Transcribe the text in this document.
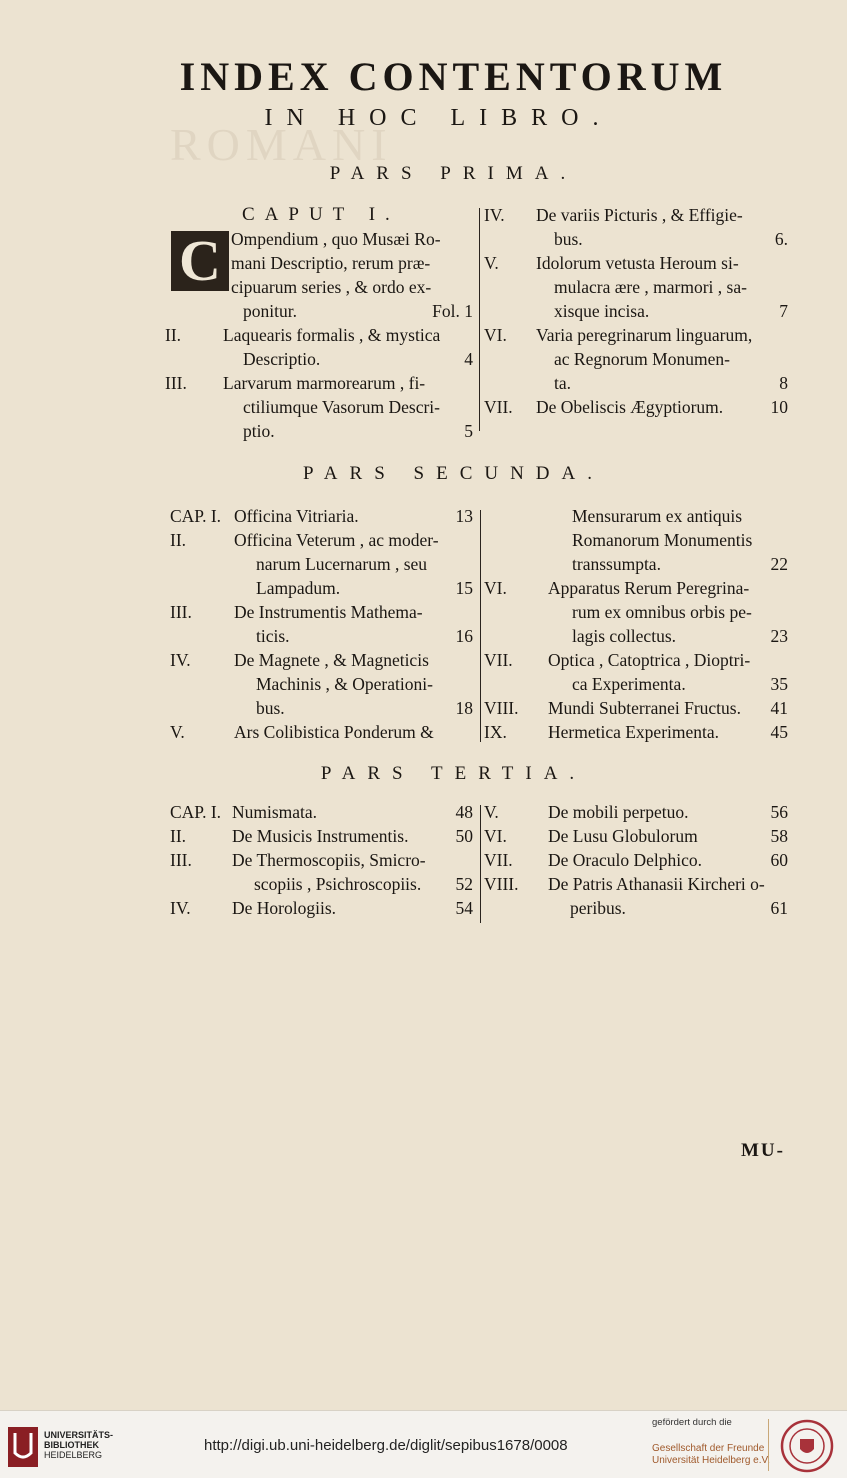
ROMANI
INDEX CONTENTORUM
IN HOC LIBRO.
PARS PRIMA.
CAPUT I.
C Ompendium , quo Musæi Ro-
mani Descriptio, rerum præ-
cipuarum series , & ordo ex-
ponitur.	Fol. 1
II. Laquearis formalis , & mystica
Descriptio.	4
III. Larvarum marmorearum , fi-
ctiliumque Vasorum Descri-
ptio.	5
IV. De variis Picturis , & Effigie-
bus.	6.
V. Idolorum vetusta Heroum si-
mulacra ære , marmori , sa-
xisque incisa.	7
VI. Varia peregrinarum linguarum,
ac Regnorum Monumen-
ta.	8
VII. De Obeliscis Ægyptiorum.	10
PARS SECUNDA.
CAP. I. Officina Vitriaria.	13
II.	Officina Veterum , ac moder-
narum Lucernarum , seu
Lampadum.	15
III. De Instrumentis Mathema-
ticis.	16
IV. De Magnete , & Magneticis
Machinis , & Operationi-
bus.	18
V.	Ars Colibistica Ponderum &
Mensurarum ex antiquis
Romanorum Monumentis
transsumpta.	22
VI. Apparatus Rerum Peregrina-
rum ex omnibus orbis pe-
lagis collectus.	23
VII. Optica , Catoptrica , Dioptri-
ca Experimenta.	35
VIII. Mundi Subterranei Fructus. 41
IX. Hermetica Experimenta.	45
PARS TERTIA.
CAP. I. Numismata.	48
II.	De Musicis Instrumentis.	50
III. De Thermoscopiis, Smicro-
scopiis , Psichroscopiis. 52
IV. De Horologiis.	54
V.	De mobili perpetuo.	56
VI. De Lusu Globulorum	58
VII. De Oraculo Delphico.	60
VIII. De Patris Athanasii Kircheri o-
peribus.	61
MU-
UNIVERSITÄTS-
BIBLIOTHEK
HEIDELBERG
http://digi.ub.uni-heidelberg.de/diglit/sepibus1678/0008
gefördert durch die
Gesellschaft der Freunde
Universität Heidelberg e.V.
